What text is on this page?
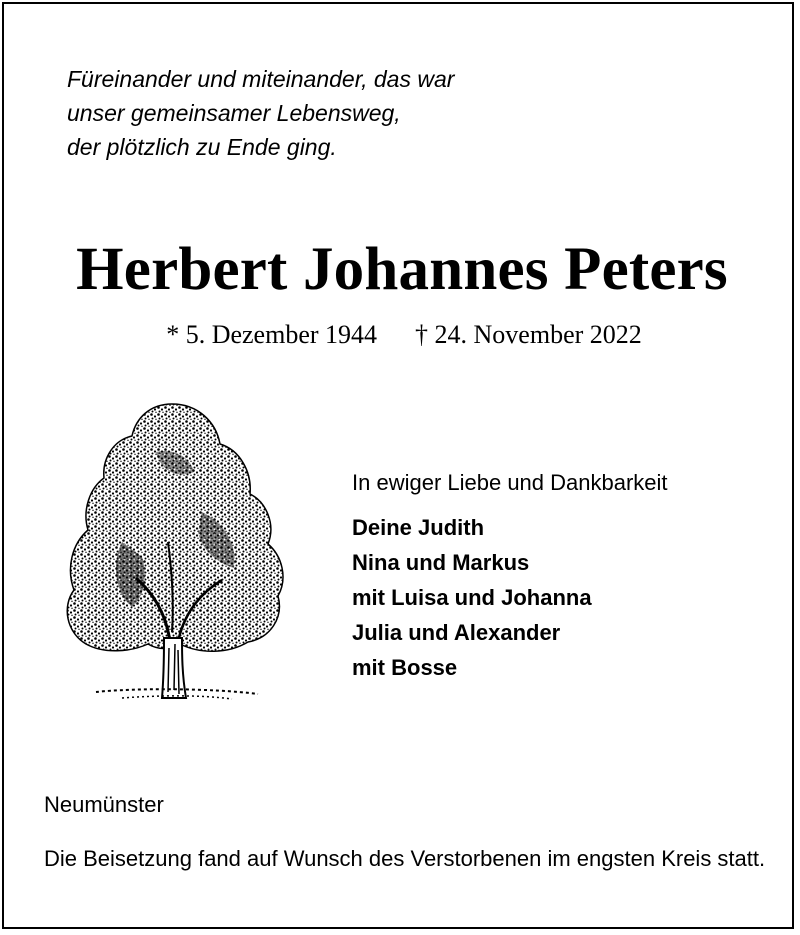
Füreinander und miteinander, das war
unser gemeinsamer Lebensweg,
der plötzlich zu Ende ging.
Herbert Johannes Peters
* 5. Dezember 1944 † 24. November 2022
In ewiger Liebe und Dankbarkeit
Deine Judith
Nina und Markus
mit Luisa und Johanna
Julia und Alexander
mit Bosse
Neumünster
Die Beisetzung fand auf Wunsch des Verstorbenen im engsten Kreis statt.
